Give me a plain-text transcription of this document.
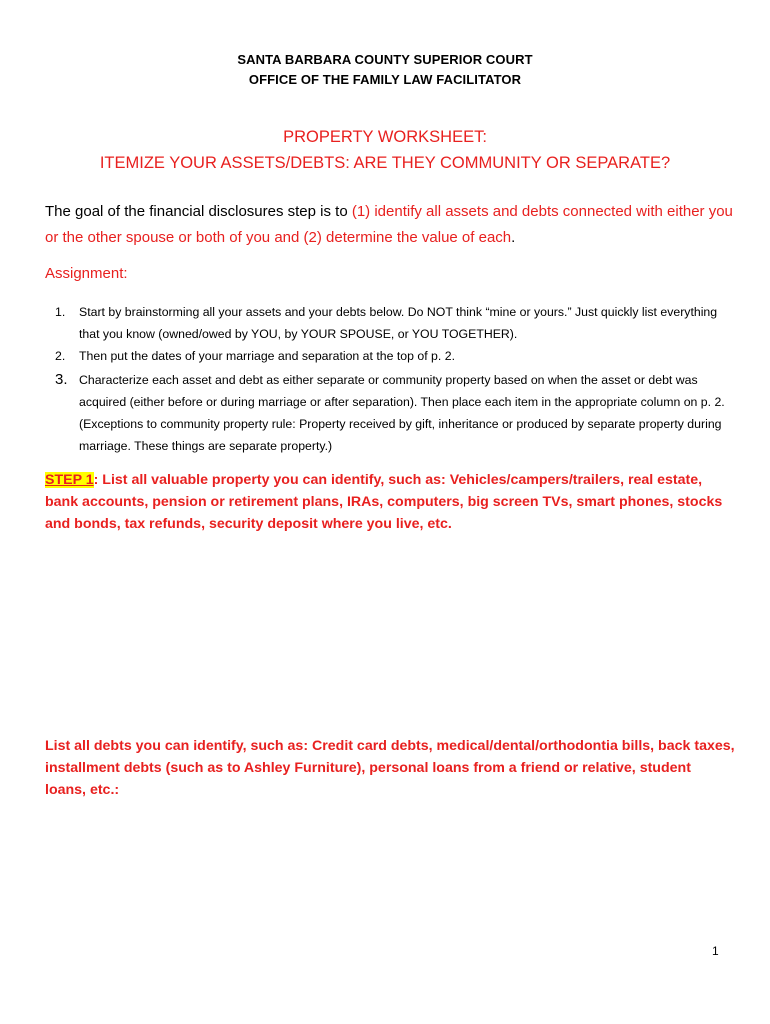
SANTA BARBARA COUNTY SUPERIOR COURT
OFFICE OF THE FAMILY LAW FACILITATOR
PROPERTY WORKSHEET:
ITEMIZE YOUR ASSETS/DEBTS: ARE THEY COMMUNITY OR SEPARATE?

The goal of the financial disclosures step is to (1) identify all assets and debts connected with either you or the other spouse or both of you and (2) determine the value of each.

Assignment:
1. Start by brainstorming all your assets and your debts below. Do NOT think “mine or yours.” Just quickly list everything that you know (owned/owed by YOU, by YOUR SPOUSE, or YOU TOGETHER).
2. Then put the dates of your marriage and separation at the top of p. 2.
3. Characterize each asset and debt as either separate or community property based on when the asset or debt was acquired (either before or during marriage or after separation). Then place each item in the appropriate column on p. 2. (Exceptions to community property rule: Property received by gift, inheritance or produced by separate property during marriage. These things are separate property.)

STEP 1: List all valuable property you can identify, such as: Vehicles/campers/trailers, real estate, bank accounts, pension or retirement plans, IRAs, computers, big screen TVs, smart phones, stocks and bonds, tax refunds, security deposit where you live, etc.

List all debts you can identify, such as: Credit card debts, medical/dental/orthodontia bills, back taxes, installment debts (such as to Ashley Furniture), personal loans from a friend or relative, student loans, etc.:

1
